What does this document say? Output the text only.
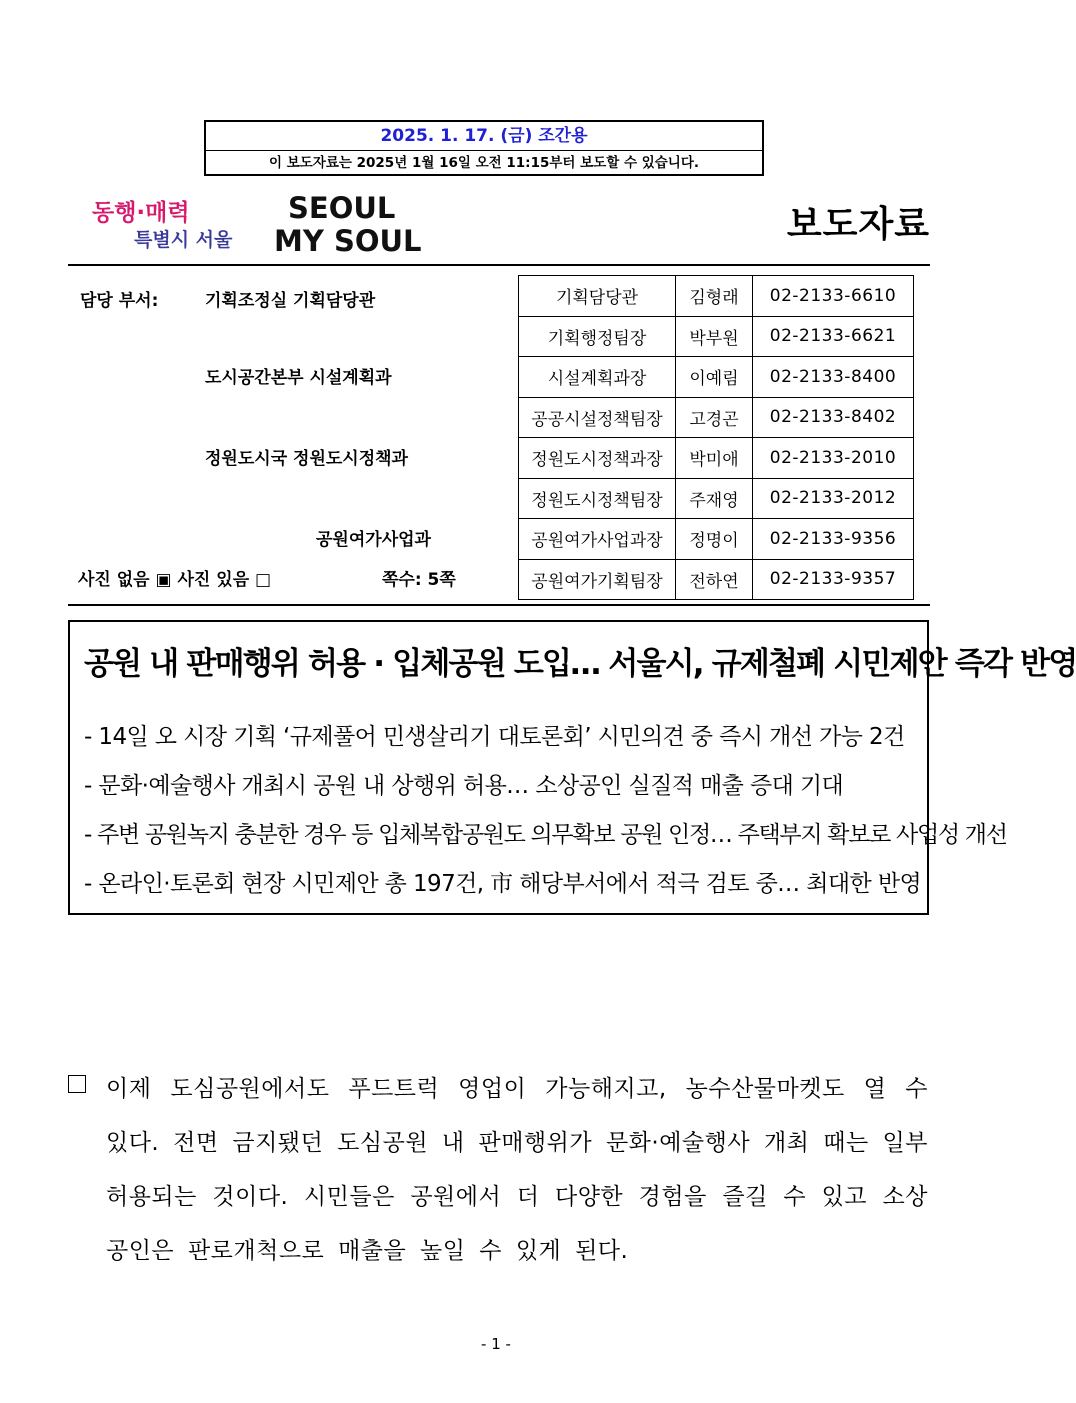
2025. 1. 17. (금) 조간용
이 보도자료는 2025년 1월 16일 오전 11:15부터 보도할 수 있습니다.
동행·매력
특별시 서울
SEOUL
MY SOUL	보도자료
담당 부서:	기획조정실 기획담당관
도시공간본부 시설계획과
정원도시국 정원도시정책과
공원여가사업과
사진 없음 ▣ 사진 있음 □	쪽수: 5쪽
기획담당관	김형래	02-2133-6610
기획행정팀장	박부원	02-2133-6621
시설계획과장	이예림	02-2133-8400
공공시설정책팀장	고경곤	02-2133-8402
정원도시정책과장	박미애	02-2133-2010
정원도시정책팀장	주재영	02-2133-2012
공원여가사업과장	정명이	02-2133-9356
공원여가기획팀장	전하연	02-2133-9357
공원 내 판매행위 허용 · 입체공원 도입… 서울시, 규제철폐 시민제안 즉각 반영
- 14일 오 시장 기획 ‘규제풀어 민생살리기 대토론회’ 시민의견 중 즉시 개선 가능 2건
- 문화·예술행사 개최시 공원 내 상행위 허용… 소상공인 실질적 매출 증대 기대
- 주변 공원녹지 충분한 경우 등 입체복합공원도 의무확보 공원 인정… 주택부지 확보로 사업성 개선
- 온라인·토론회 현장 시민제안 총 197건, 市 해당부서에서 적극 검토 중… 최대한 반영
이제 도심공원에서도 푸드트럭 영업이 가능해지고, 농수산물마켓도 열 수 있다. 전면 금지됐던 도심공원 내 판매행위가 문화·예술행사 개최 때는 일부 허용되는 것이다. 시민들은 공원에서 더 다양한 경험을 즐길 수 있고 소상공인은 판로개척으로 매출을 높일 수 있게 된다.
- 1 -
